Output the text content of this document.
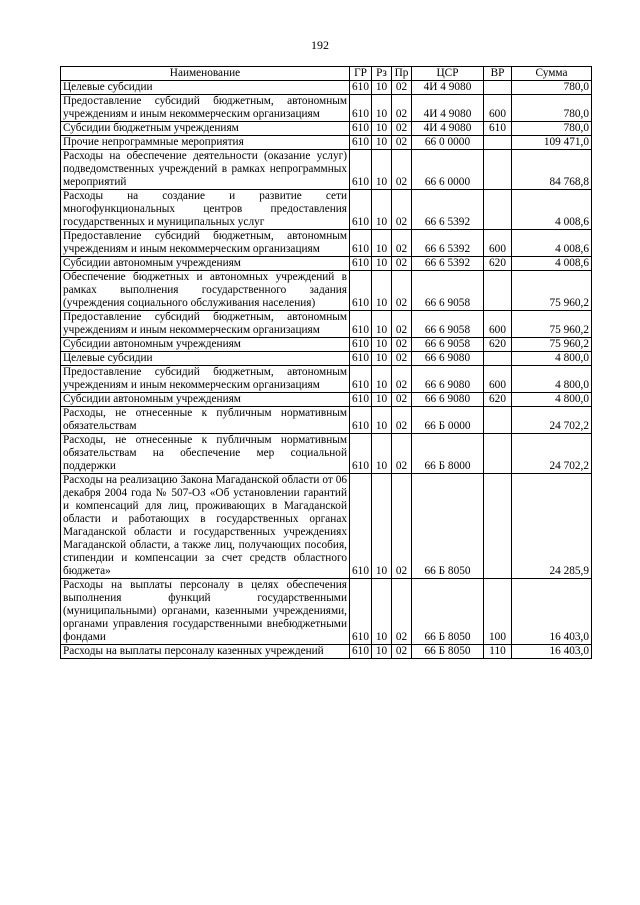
192
Наименование	ГР	Рз	Пр	ЦСР	ВР	Сумма
Целевые субсидии	610	10	02	4И 4 9080		780,0
Предоставление субсидий бюджетным, автономным учреждениям и иным некоммерческим организациям	610	10	02	4И 4 9080	600	780,0
Субсидии бюджетным учреждениям	610	10	02	4И 4 9080	610	780,0
Прочие непрограммные мероприятия	610	10	02	66 0 0000		109 471,0
Расходы на обеспечение деятельности (оказание услуг) подведомственных учреждений в рамках непрограммных мероприятий	610	10	02	66 6 0000		84 768,8
Расходы на создание и развитие сети многофункциональных центров предоставления государственных и муниципальных услуг	610	10	02	66 6 5392		4 008,6
Предоставление субсидий бюджетным, автономным учреждениям и иным некоммерческим организациям	610	10	02	66 6 5392	600	4 008,6
Субсидии автономным учреждениям	610	10	02	66 6 5392	620	4 008,6
Обеспечение бюджетных и автономных учреждений в рамках выполнения государственного задания (учреждения социального обслуживания населения)	610	10	02	66 6 9058		75 960,2
Предоставление субсидий бюджетным, автономным учреждениям и иным некоммерческим организациям	610	10	02	66 6 9058	600	75 960,2
Субсидии автономным учреждениям	610	10	02	66 6 9058	620	75 960,2
Целевые субсидии	610	10	02	66 6 9080		4 800,0
Предоставление субсидий бюджетным, автономным учреждениям и иным некоммерческим организациям	610	10	02	66 6 9080	600	4 800,0
Субсидии автономным учреждениям	610	10	02	66 6 9080	620	4 800,0
Расходы, не отнесенные к публичным нормативным обязательствам	610	10	02	66 Б 0000		24 702,2
Расходы, не отнесенные к публичным нормативным обязательствам на обеспечение мер социальной поддержки	610	10	02	66 Б 8000		24 702,2
Расходы на реализацию Закона Магаданской области от 06 декабря 2004 года № 507-ОЗ «Об установлении гарантий и компенсаций для лиц, проживающих в Магаданской области и работающих в государственных органах Магаданской области и государственных учреждениях Магаданской области, а также лиц, получающих пособия, стипендии и компенсации за счет средств областного бюджета»	610	10	02	66 Б 8050		24 285,9
Расходы на выплаты персоналу в целях обеспечения выполнения функций государственными (муниципальными) органами, казенными учреждениями, органами управления государственными внебюджетными фондами	610	10	02	66 Б 8050	100	16 403,0
Расходы на выплаты персоналу казенных учреждений	610	10	02	66 Б 8050	110	16 403,0
